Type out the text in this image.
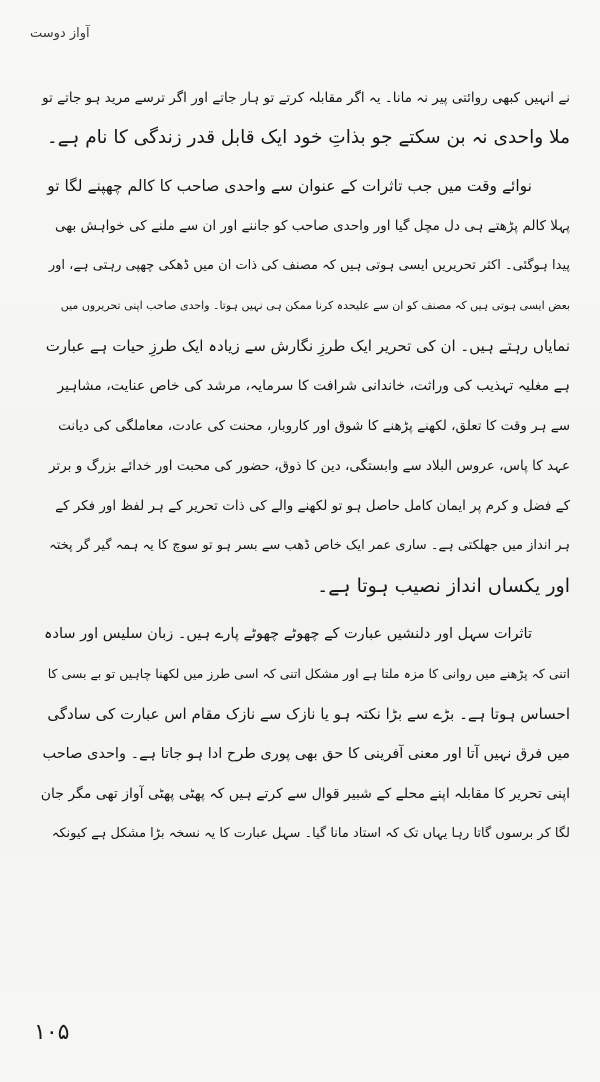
آواز دوست
نے انہیں کبھی روائتی پیر نہ مانا۔ یہ اگر مقابلہ کرتے تو ہار جاتے اور اگر ترسے مرید ہو جاتے تو
ملا واحدی نہ بن سکتے جو بذاتِ خود ایک قابل قدر زندگی کا نام ہے۔
نوائے وقت میں جب تاثرات کے عنوان سے واحدی صاحب کا کالم چھپنے لگا تو
پہلا کالم پڑھتے ہی دل مچل گیا اور واحدی صاحب کو جاننے اور ان سے ملنے کی خواہش بھی
پیدا ہوگئی۔ اکثر تحریریں ایسی ہوتی ہیں کہ مصنف کی ذات ان میں ڈھکی چھپی رہتی ہے، اور
بعض ایسی ہوتی ہیں کہ مصنف کو ان سے علیحدہ کرنا ممکن ہی نہیں ہوتا۔ واحدی صاحب اپنی تحریروں میں
نمایاں رہتے ہیں۔ ان کی تحریر ایک طرزِ نگارش سے زیادہ ایک طرزِ حیات ہے عبارت
ہے مغلیہ تہذیب کی وراثت، خاندانی شرافت کا سرمایہ، مرشد کی خاص عنایت، مشاہیر
سے ہر وقت کا تعلق، لکھنے پڑھنے کا شوق اور کاروبار، محنت کی عادت، معاملگی کی دیانت
عہد کا پاس، عروس البلاد سے وابستگی، دین کا ذوق، حضور کی محبت اور خدائے بزرگ و برتر
کے فضل و کرم پر ایمان کامل حاصل ہو تو لکھنے والے کی ذات تحریر کے ہر لفظ اور فکر کے
ہر انداز میں جھلکتی ہے۔ ساری عمر ایک خاص ڈھب سے بسر ہو تو سوچ کا یہ ہمہ گیر گر پختہ
اور یکساں انداز نصیب ہوتا ہے۔
تاثرات سہل اور دلنشیں عبارت کے چھوٹے چھوٹے پارے ہیں۔ زبان سلیس اور سادہ
اتنی کہ پڑھنے میں روانی کا مزہ ملتا ہے اور مشکل اتنی کہ اسی طرز میں لکھنا چاہیں تو بے بسی کا
احساس ہوتا ہے۔ بڑے سے بڑا نکتہ ہو یا نازک سے نازک مقام اس عبارت کی سادگی
میں فرق نہیں آتا اور معنی آفرینی کا حق بھی پوری طرح ادا ہو جاتا ہے۔ واحدی صاحب
اپنی تحریر کا مقابلہ اپنے محلے کے شبیر قوال سے کرتے ہیں کہ پھٹی پھٹی آواز تھی مگر جان
لگا کر برسوں گاتا رہا یہاں تک کہ استاد مانا گیا۔ سہل عبارت کا یہ نسخہ بڑا مشکل ہے کیونکہ
۱۰۵
